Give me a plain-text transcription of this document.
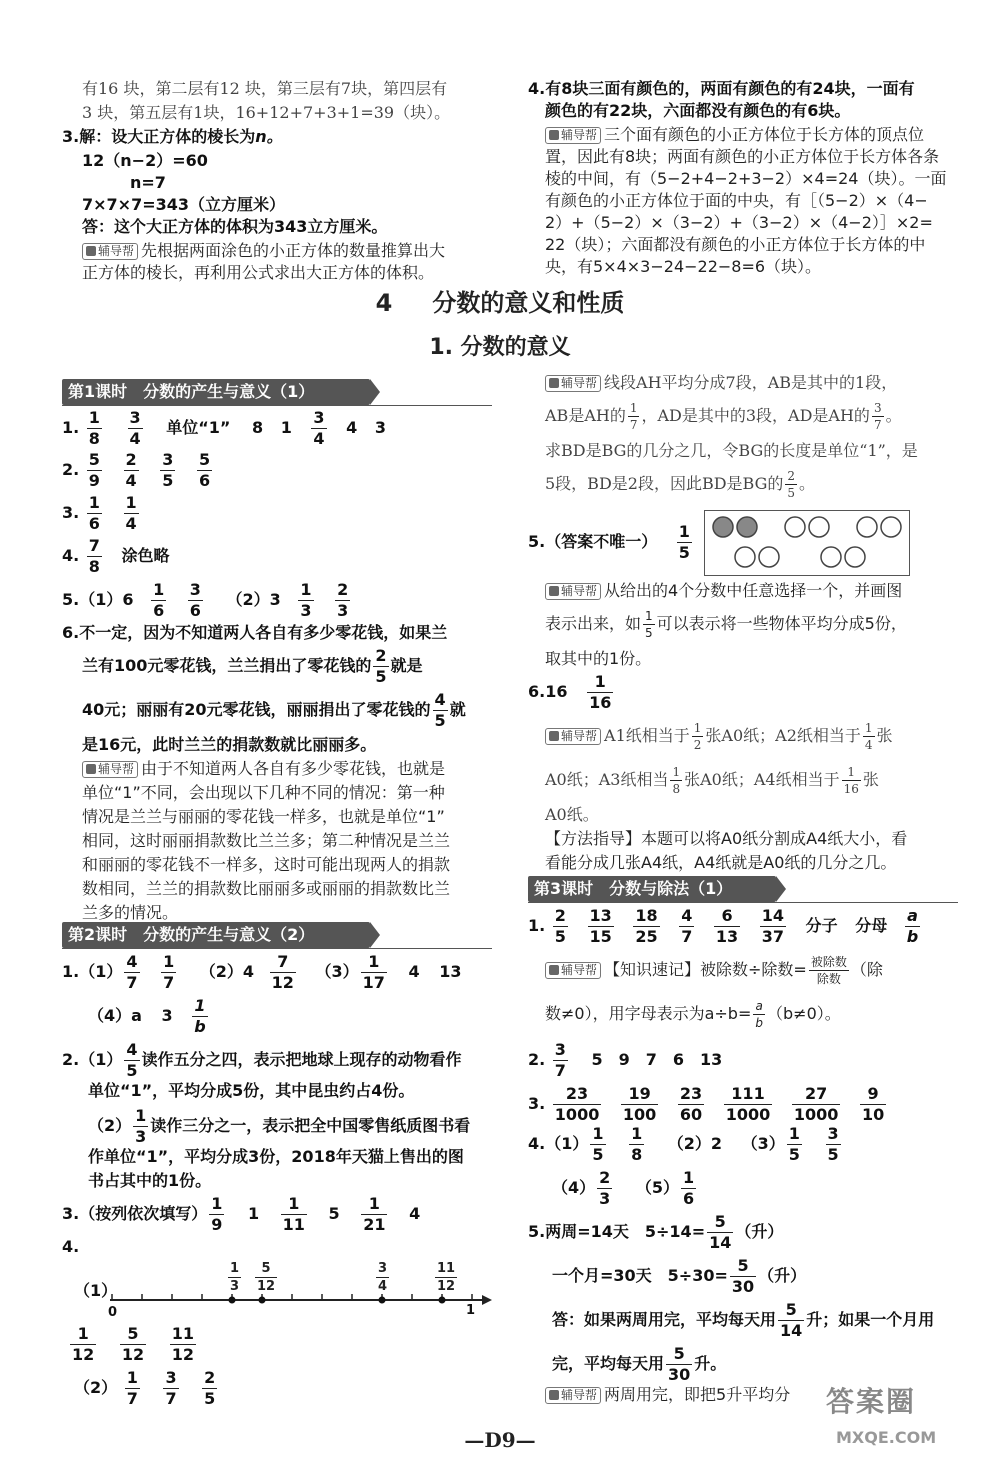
有16 块，第二层有12 块，第三层有7块，第四层有
3 块，第五层有1块，16+12+7+3+1=39（块）。
3.解：设大正方体的棱长为n。
12（n−2）=60
n=7
7×7×7=343（立方厘米）
答：这个大正方体的体积为343立方厘米。
辅导帮 先根据两面涂色的小正方体的数量推算出大
正方体的棱长，再利用公式求出大正方体的体积。
4.有8块三面有颜色的，两面有颜色的有24块，一面有
颜色的有22块，六面都没有颜色的有6块。
辅导帮 三个面有颜色的小正方体位于长方体的顶点位
置，因此有8块；两面有颜色的小正方体位于长方体各条
棱的中间，有（5−2+4−2+3−2）×4=24（块）。一面
有颜色的小正方体位于面的中央，有［（5−2）×（4−
2）+（5−2）×（3−2）+（3−2）×（4−2）］×2=
22（块）；六面都没有颜色的小正方体位于长方体的中
央，有5×4×3−24−22−8=6（块）。
4 分数的意义和性质
1. 分数的意义
第1课时　分数的产生与意义（1）
1. $\frac{1}{8}$
$\frac{3}{4}$ 单位“1” 8 $1 \frac{3}{4} 4$ 3
2. $\frac{5}{9}$
$\frac{2}{4}$
$\frac{3}{5}$
$\frac{5}{6}$
3. $\frac{1}{6}$
$\frac{1}{4}$
4. $\frac{7}{8}$ 涂色略
$5.(1)6 \frac{1}{6}$
$\frac{3}{6} (2)3 \frac{1}{3}$
$\frac{2}{3}$
6.不一定，因为不知道两人各自有多少零花钱，如果兰
兰有100元零花钱，兰兰捐出了零花钱的 $\frac{2}{5}$ 就是
40元；丽丽有20元零花钱，丽丽捐出了零花钱的 $\frac{4}{5}$ 就
是16元，此时兰兰的捐款数就比丽丽多。
辅导帮 由于不知道两人各自有多少零花钱，也就是
单位“1”不同，会出现以下几种不同的情况：第一种
情况是兰兰与丽丽的零花钱一样多，也就是单位“1”
相同，这时丽丽捐款数比兰兰多；第二种情况是兰兰
和丽丽的零花钱不一样多，这时可能出现两人的捐款
数相同，兰兰的捐款数比丽丽多或丽丽的捐款数比兰
兰多的情况。
第2课时　分数的产生与意义（2）
$1.(1) \frac{4}{7}$
$\frac{1}{7} (2)4 \frac{7}{12} (3) \frac{1}{17} 4$ 13
（4）a $3 \frac{1}{b}$
$2.(1) \frac{4}{5}$ 读作五分之四，表示把地球上现存的动物看作
单位“1”，平均分成5份，其中昆虫约占4份。
$(2) \frac{1}{3}$ 读作三分之一，表示把全中国零售纸质图书看
作单位“1”，平均分成3份，2018年天猫上售出的图
书占其中的1份。
3.（按列依次填写） $\frac{1}{9} 1 \frac{1}{11} 5 \frac{1}{21} 4$
4.
（1）
0	1
$\frac{1}{3} \frac{5}{12}$	$\frac{3}{4}$	$\frac{11}{12}$
$\frac{1}{12}$
$\frac{5}{12}$
$\frac{11}{12}$
$(2) \frac{1}{7}$
$\frac{3}{7}$
$\frac{2}{5}$
辅导帮 线段AH平均分成7段，AB是其中的1段，
AB是AH的 $\frac{1}{7}$ ，AD是其中的3段，AD是AH的 $\frac{3}{7}$ 。
求BD是BG的几分之几，令BG的长度是单位“1”，是
5段，BD是2段，因此BD是BG的 $\frac{2}{5}$ 。
5.（答案不唯一） $\frac{1}{5}$
辅导帮 从给出的4个分数中任意选择一个，并画图
表示出来，如 $\frac{1}{5}$ 可以表示将一些物体平均分成5份，
取其中的1份。
$6.16 \frac{1}{16}$
辅导帮 A1纸相当于 $\frac{1}{2}$ 张A0纸；A2纸相当于 $\frac{1}{4}$ 张
A0纸；A3纸相当 $\frac{1}{8}$ 张A0纸；A4纸相当于 $\frac{1}{16}$ 张
A0纸。
【方法指导】本题可以将A0纸分割成A4纸大小，看
看能分成几张A4纸，A4纸就是A0纸的几分之几。
第3课时　分数与除法（1）
1. $\frac{2}{5}$
$\frac{13}{15}$
$\frac{18}{25}$
$\frac{4}{7}$
$\frac{6}{13}$
$\frac{14}{37}$ 分子 分母 $\frac{a}{b}$
辅导帮 【知识速记】被除数÷除数= $\frac{\text{被除数}}{\text{除数}}$ （除
数≠0），用字母表示为$a\div b= \frac{a}{b} (b\ne 0)$。
2. $\frac{3}{7} 5$　9　7　6　13
3. $\frac{23}{1000}$
$\frac{19}{100}$
$\frac{23}{60}$
$\frac{111}{1000}$
$\frac{27}{1000}$
$\frac{9}{10}$
$4.(1) \frac{1}{5}$
$\frac{1}{8} (2)2$ $(3) \frac{1}{5}$
$\frac{3}{5}$
$(4) \frac{2}{3} (5) \frac{1}{6}$
5.两周=14天　$5\div 14= \frac{5}{14}$ （升）
一个月=30天　$5\div 30= \frac{5}{30}$ （升）
答：如果两周用完，平均每天用 $\frac{5}{14}$ 升；如果一个月用
完，平均每天用 $\frac{5}{30}$ 升。
辅导帮 两周用完，即把5升平均分 答案圈
MXQE.COM
—D9—
